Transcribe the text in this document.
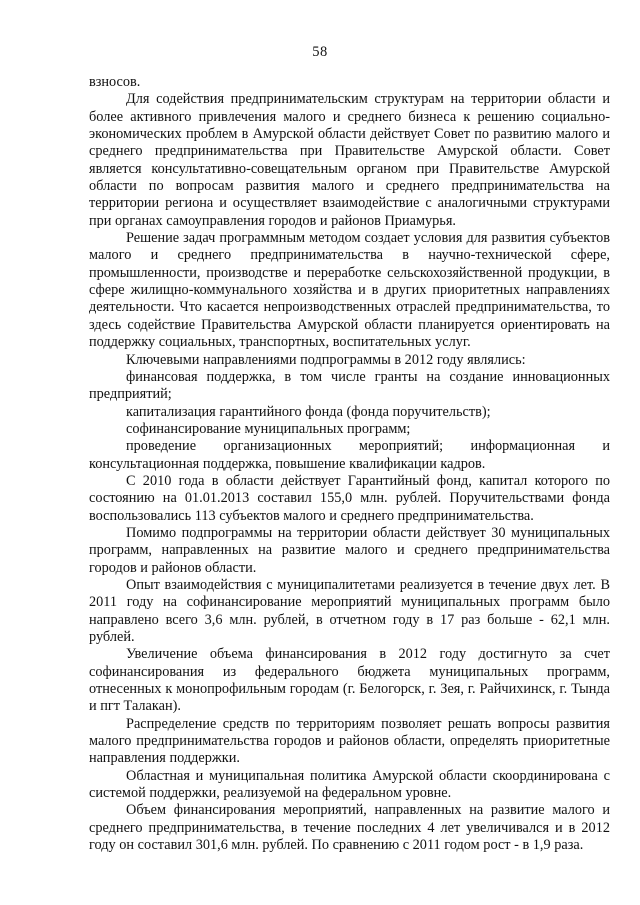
58

взносов.

Для содействия предпринимательским структурам на территории области и более активного привлечения малого и среднего бизнеса к решению социально-экономических проблем в Амурской области действует Совет по развитию малого и среднего предпринимательства при Правительстве Амурской области. Совет является консультативно-совещательным органом при Правительстве Амурской области по вопросам развития малого и среднего предпринимательства на территории региона и осуществляет взаимодействие с аналогичными структурами при органах самоуправления городов и районов Приамурья.

Решение задач программным методом создает условия для развития субъектов малого и среднего предпринимательства в научно-технической сфере, промышленности, производстве и переработке сельскохозяйственной продукции, в сфере жилищно-коммунального хозяйства и в других приоритетных направлениях деятельности. Что касается непроизводственных отраслей предпринимательства, то здесь содействие Правительства Амурской области планируется ориентировать на поддержку социальных, транспортных, воспитательных услуг.

Ключевыми направлениями подпрограммы в 2012 году являлись:

финансовая поддержка, в том числе гранты на создание инновационных предприятий;

капитализация гарантийного фонда (фонда поручительств);

софинансирование муниципальных программ;

проведение организационных мероприятий; информационная и консультационная поддержка, повышение квалификации кадров.

С 2010 года в области действует Гарантийный фонд, капитал которого по состоянию на 01.01.2013 составил 155,0 млн. рублей. Поручительствами фонда воспользовались 113 субъектов малого и среднего предпринимательства.

Помимо подпрограммы на территории области действует 30 муниципальных программ, направленных на развитие малого и среднего предпринимательства городов и районов области.

Опыт взаимодействия с муниципалитетами реализуется в течение двух лет. В 2011 году на софинансирование мероприятий муниципальных программ было направлено всего 3,6 млн. рублей, в отчетном году в 17 раз больше - 62,1 млн. рублей.

Увеличение объема финансирования в 2012 году достигнуто за счет софинансирования из федерального бюджета муниципальных программ, отнесенных к монопрофильным городам (г. Белогорск, г. Зея, г. Райчихинск, г. Тында и пгт Талакан).

Распределение средств по территориям позволяет решать вопросы развития малого предпринимательства городов и районов области, определять приоритетные направления поддержки.

Областная и муниципальная политика Амурской области скоординирована с системой поддержки, реализуемой на федеральном уровне.

Объем финансирования мероприятий, направленных на развитие малого и среднего предпринимательства, в течение последних 4 лет увеличивался и в 2012 году он составил 301,6 млн. рублей. По сравнению с 2011 годом рост - в 1,9 раза.
